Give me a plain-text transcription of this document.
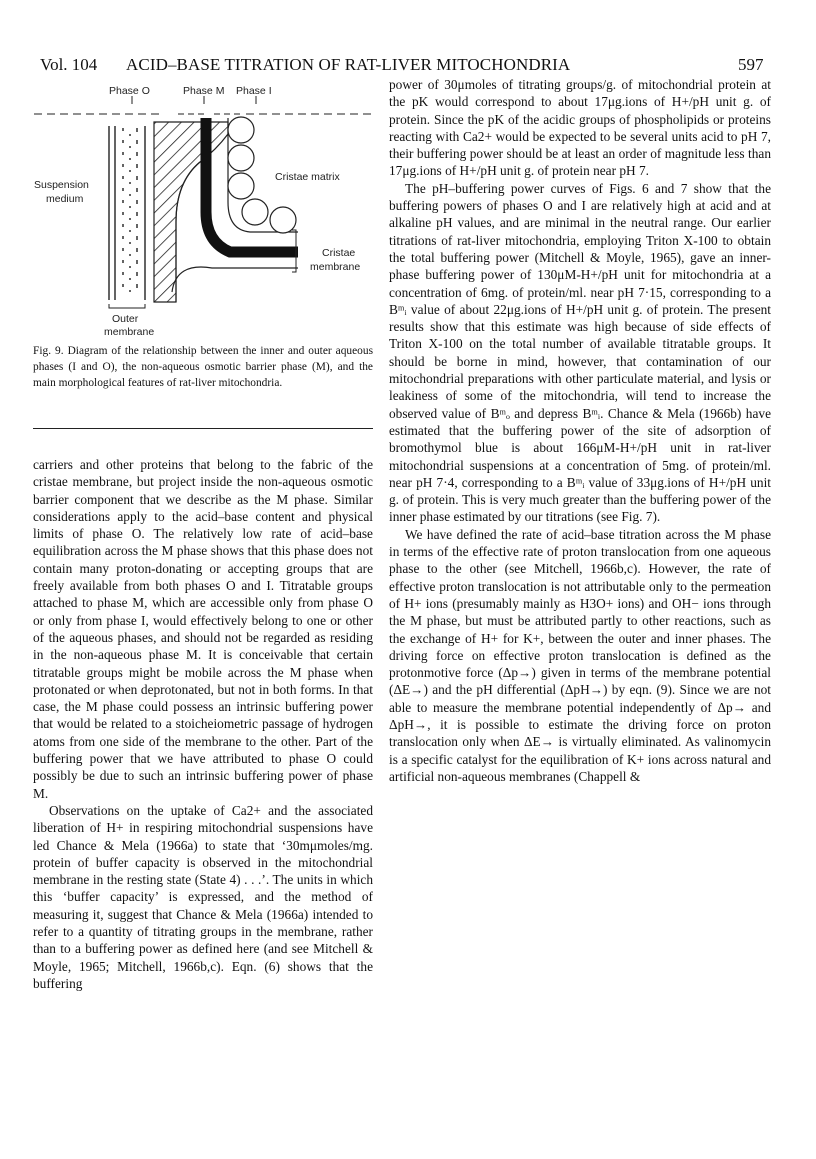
Vol. 104 ACID–BASE TITRATION OF RAT-LIVER MITOCHONDRIA	597
Phase O	Phase M Phase I
Suspension
medium
Cristae matrix
Cristae
membrane
Outer
membrane
Fig. 9. Diagram of the relationship between the inner and outer aqueous phases (I and O), the non-aqueous osmotic barrier phase (M), and the main morphological features of rat-liver mitochondria.

carriers and other proteins that belong to the fabric of the cristae membrane, but project inside the non-aqueous osmotic barrier component that we describe as the M phase. Similar considerations apply to the acid–base content and physical limits of phase O. The relatively low rate of acid–base equilibration across the M phase shows that this phase does not contain many proton-donating or accepting groups that are freely available from both phases O and I. Titratable groups attached to phase M, which are accessible only from phase O or only from phase I, would effectively belong to one or other of the aqueous phases, and should not be regarded as residing in the non-aqueous phase M. It is conceivable that certain titratable groups might be mobile across the M phase when protonated or when deprotonated, but not in both forms. In that case, the M phase could possess an intrinsic buffering power that would be related to a stoicheiometric passage of hydrogen atoms from one side of the membrane to the other. Part of the buffering power that we have attributed to phase O could possibly be due to such an intrinsic buffering power of phase M.

Observations on the uptake of Ca2+ and the associated liberation of H+ in respiring mitochondrial suspensions have led Chance & Mela (1966a) to state that ‘30mμmoles/mg. protein of buffer capacity is observed in the mitochondrial membrane in the resting state (State 4) . . .’. The units in which this ‘buffer capacity’ is expressed, and the method of measuring it, suggest that Chance & Mela (1966a) intended to refer to a quantity of titrating groups in the membrane, rather than to a buffering power as defined here (and see Mitchell & Moyle, 1965; Mitchell, 1966b,c). Eqn. (6) shows that the buffering

power of 30μmoles of titrating groups/g. of mitochondrial protein at the pK would correspond to about 17μg.ions of H+/pH unit g. of protein. Since the pK of the acidic groups of phospholipids or proteins reacting with Ca2+ would be expected to be several units acid to pH 7, their buffering power should be at least an order of magnitude less than 17μg.ions of H+/pH unit g. of protein near pH 7.

The pH–buffering power curves of Figs. 6 and 7 show that the buffering powers of phases O and I are relatively high at acid and at alkaline pH values, and are minimal in the neutral range. Our earlier titrations of rat-liver mitochondria, employing Triton X-100 to obtain the total buffering power (Mitchell & Moyle, 1965), gave an inner-phase buffering power of 130μM-H+/pH unit for mitochondria at a concentration of 6mg. of protein/ml. near pH 7·15, corresponding to a Bᵐᵢ value of about 22μg.ions of H+/pH unit g. of protein. The present results show that this estimate was high because of side effects of Triton X-100 on the total number of available titratable groups. It should be borne in mind, however, that contamination of our mitochondrial preparations with other particulate material, and lysis or leakiness of some of the mitochondria, will tend to increase the observed value of Bᵐₒ and depress Bᵐᵢ. Chance & Mela (1966b) have estimated that the buffering power of the site of adsorption of bromothymol blue is about 166μM-H+/pH unit in rat-liver mitochondrial suspensions at a concentration of 5mg. of protein/ml. near pH 7·4, corresponding to a Bᵐᵢ value of 33μg.ions of H+/pH unit g. of protein. This is very much greater than the buffering power of the inner phase estimated by our titrations (see Fig. 7).

We have defined the rate of acid–base titration across the M phase in terms of the effective rate of proton translocation from one aqueous phase to the other (see Mitchell, 1966b,c). However, the rate of effective proton translocation is not attributable only to the permeation of H+ ions (presumably mainly as H3O+ ions) and OH− ions through the M phase, but must be attributed partly to other reactions, such as the exchange of H+ for K+, between the outer and inner phases. The driving force on effective proton translocation is defined as the protonmotive force (Δp→) given in terms of the membrane potential (ΔE→) and the pH differential (ΔpH→) by eqn. (9). Since we are not able to measure the membrane potential independently of Δp→ and ΔpH→, it is possible to estimate the driving force on proton translocation only when ΔE→ is virtually eliminated. As valinomycin is a specific catalyst for the equilibration of K+ ions across natural and artificial non-aqueous membranes (Chappell &
